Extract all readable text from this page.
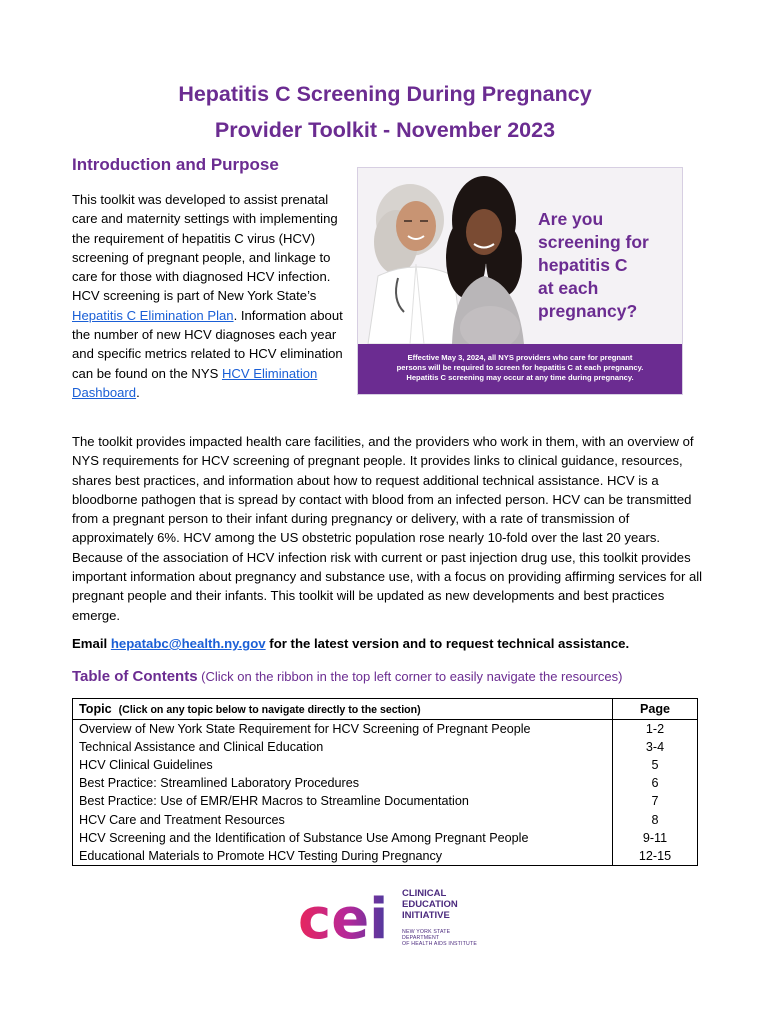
Hepatitis C Screening During Pregnancy
Provider Toolkit - November 2023
Introduction and Purpose
This toolkit was developed to assist prenatal care and maternity settings with implementing the requirement of hepatitis C virus (HCV) screening of pregnant people, and linkage to care for those with diagnosed HCV infection. HCV screening is part of New York State’s Hepatitis C Elimination Plan. Information about the number of new HCV diagnoses each year and specific metrics related to HCV elimination can be found on the NYS HCV Elimination Dashboard.
Are you
screening for
hepatitis C
at each
pregnancy?

Effective May 3, 2024, all NYS providers who care for pregnant

persons will be required to screen for hepatitis C at each pregnancy.

Hepatitis C screening may occur at any time during pregnancy.

The toolkit provides impacted health care facilities, and the providers who work in them, with an overview of NYS requirements for HCV screening of pregnant people. It provides links to clinical guidance, resources, shares best practices, and information about how to request additional technical assistance. HCV is a bloodborne pathogen that is spread by contact with blood from an infected person. HCV can be transmitted from a pregnant person to their infant during pregnancy or delivery, with a rate of transmission of approximately 6%. HCV among the US obstetric population rose nearly 10-fold over the last 20 years. Because of the association of HCV infection risk with current or past injection drug use, this toolkit provides important information about pregnancy and substance use, with a focus on providing affirming services for all pregnant people and their infants. This toolkit will be updated as new developments and best practices emerge.
Email hepatabc@health.ny.gov for the latest version and to request technical assistance.
Table of Contents (Click on the ribbon in the top left corner to easily navigate the resources)
Topic (Click on any topic below to navigate directly to the section)	Page
Overview of New York State Requirement for HCV Screening of Pregnant People	1-2
Technical Assistance and Clinical Education	3-4
HCV Clinical Guidelines	5
Best Practice: Streamlined Laboratory Procedures	6
Best Practice: Use of EMR/EHR Macros to Streamline Documentation	7
HCV Care and Treatment Resources	8
HCV Screening and the Identification of Substance Use Among Pregnant People	9-11
Educational Materials to Promote HCV Testing During Pregnancy	12-15
cei CLINICAL
EDUCATION
INITIATIVE
NEW YORK STATE DEPARTMENT
OF HEALTH AIDS INSTITUTE
